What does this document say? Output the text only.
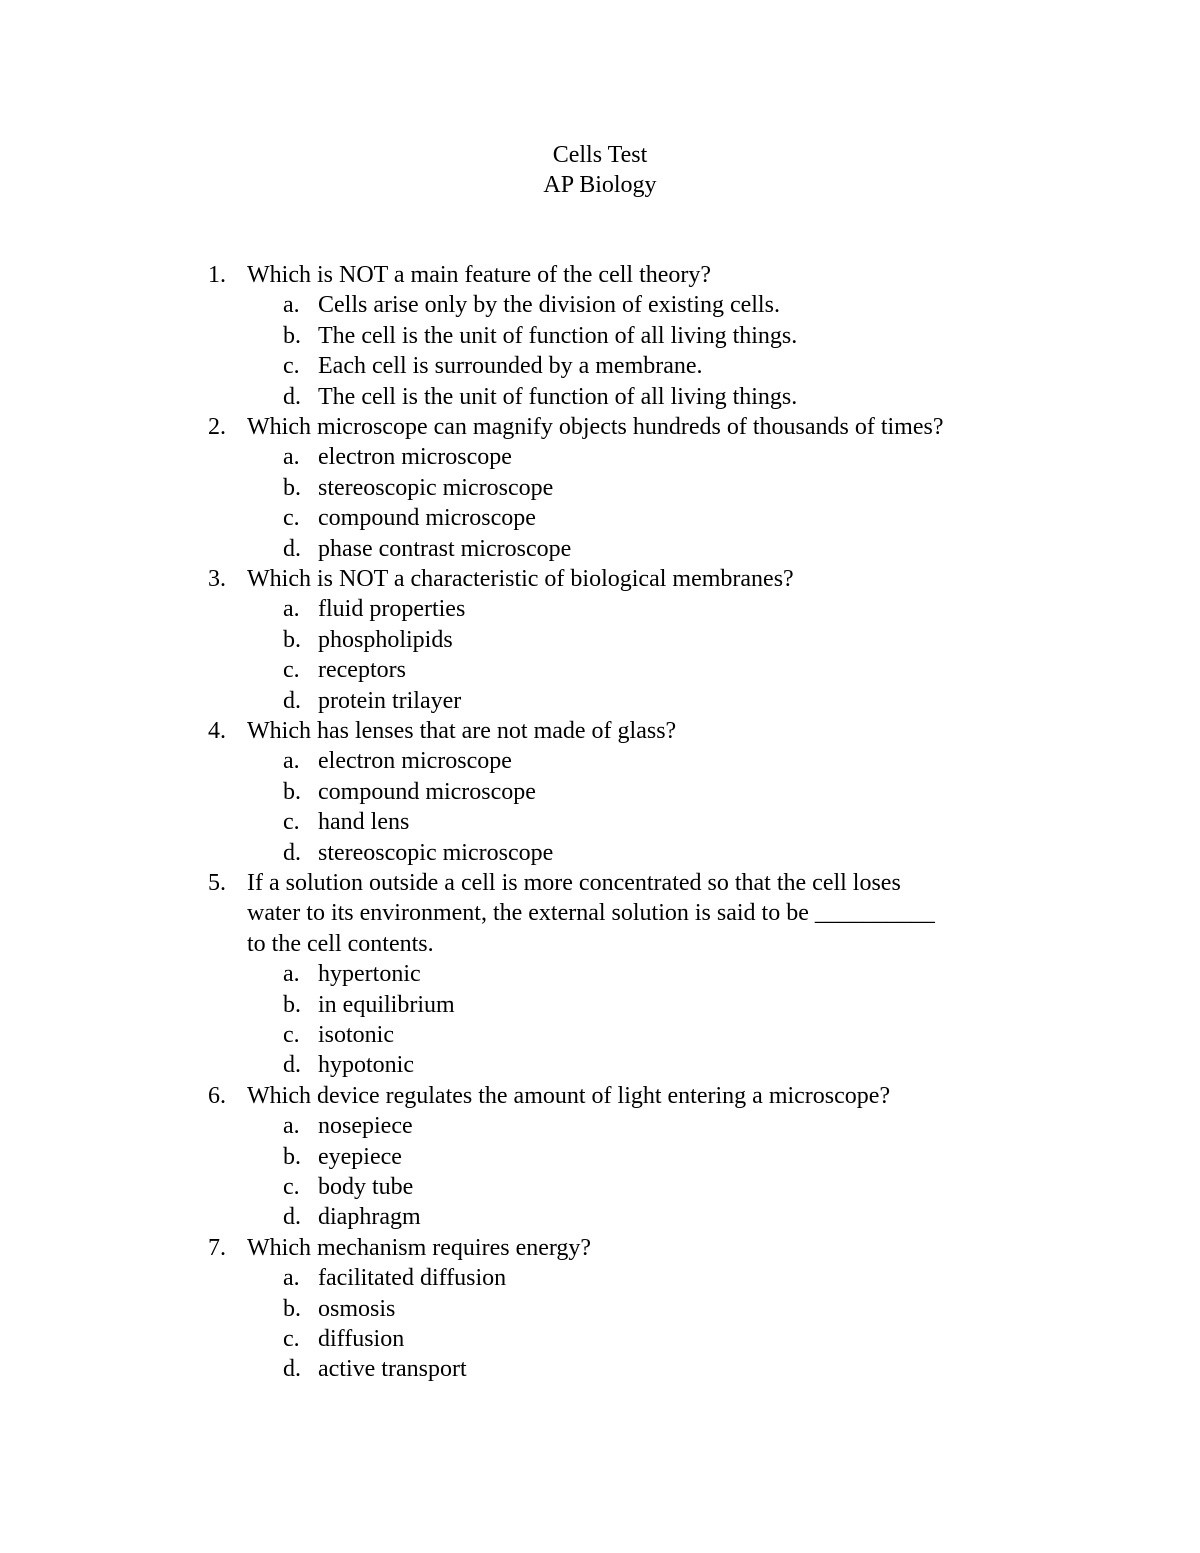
Cells Test
AP Biology
1. Which is NOT a main feature of the cell theory?
a. Cells arise only by the division of existing cells.
b. The cell is the unit of function of all living things.
c. Each cell is surrounded by a membrane.
d. The cell is the unit of function of all living things.
2. Which microscope can magnify objects hundreds of thousands of times?
a. electron microscope
b. stereoscopic microscope
c. compound microscope
d. phase contrast microscope
3. Which is NOT a characteristic of biological membranes?
a. fluid properties
b. phospholipids
c. receptors
d. protein trilayer
4. Which has lenses that are not made of glass?
a. electron microscope
b. compound microscope
c. hand lens
d. stereoscopic microscope
5. If a solution outside a cell is more concentrated so that the cell loses
water to its environment, the external solution is said to be __________
to the cell contents.
a. hypertonic
b. in equilibrium
c. isotonic
d. hypotonic
6. Which device regulates the amount of light entering a microscope?
a. nosepiece
b. eyepiece
c. body tube
d. diaphragm
7. Which mechanism requires energy?
a. facilitated diffusion
b. osmosis
c. diffusion
d. active transport
